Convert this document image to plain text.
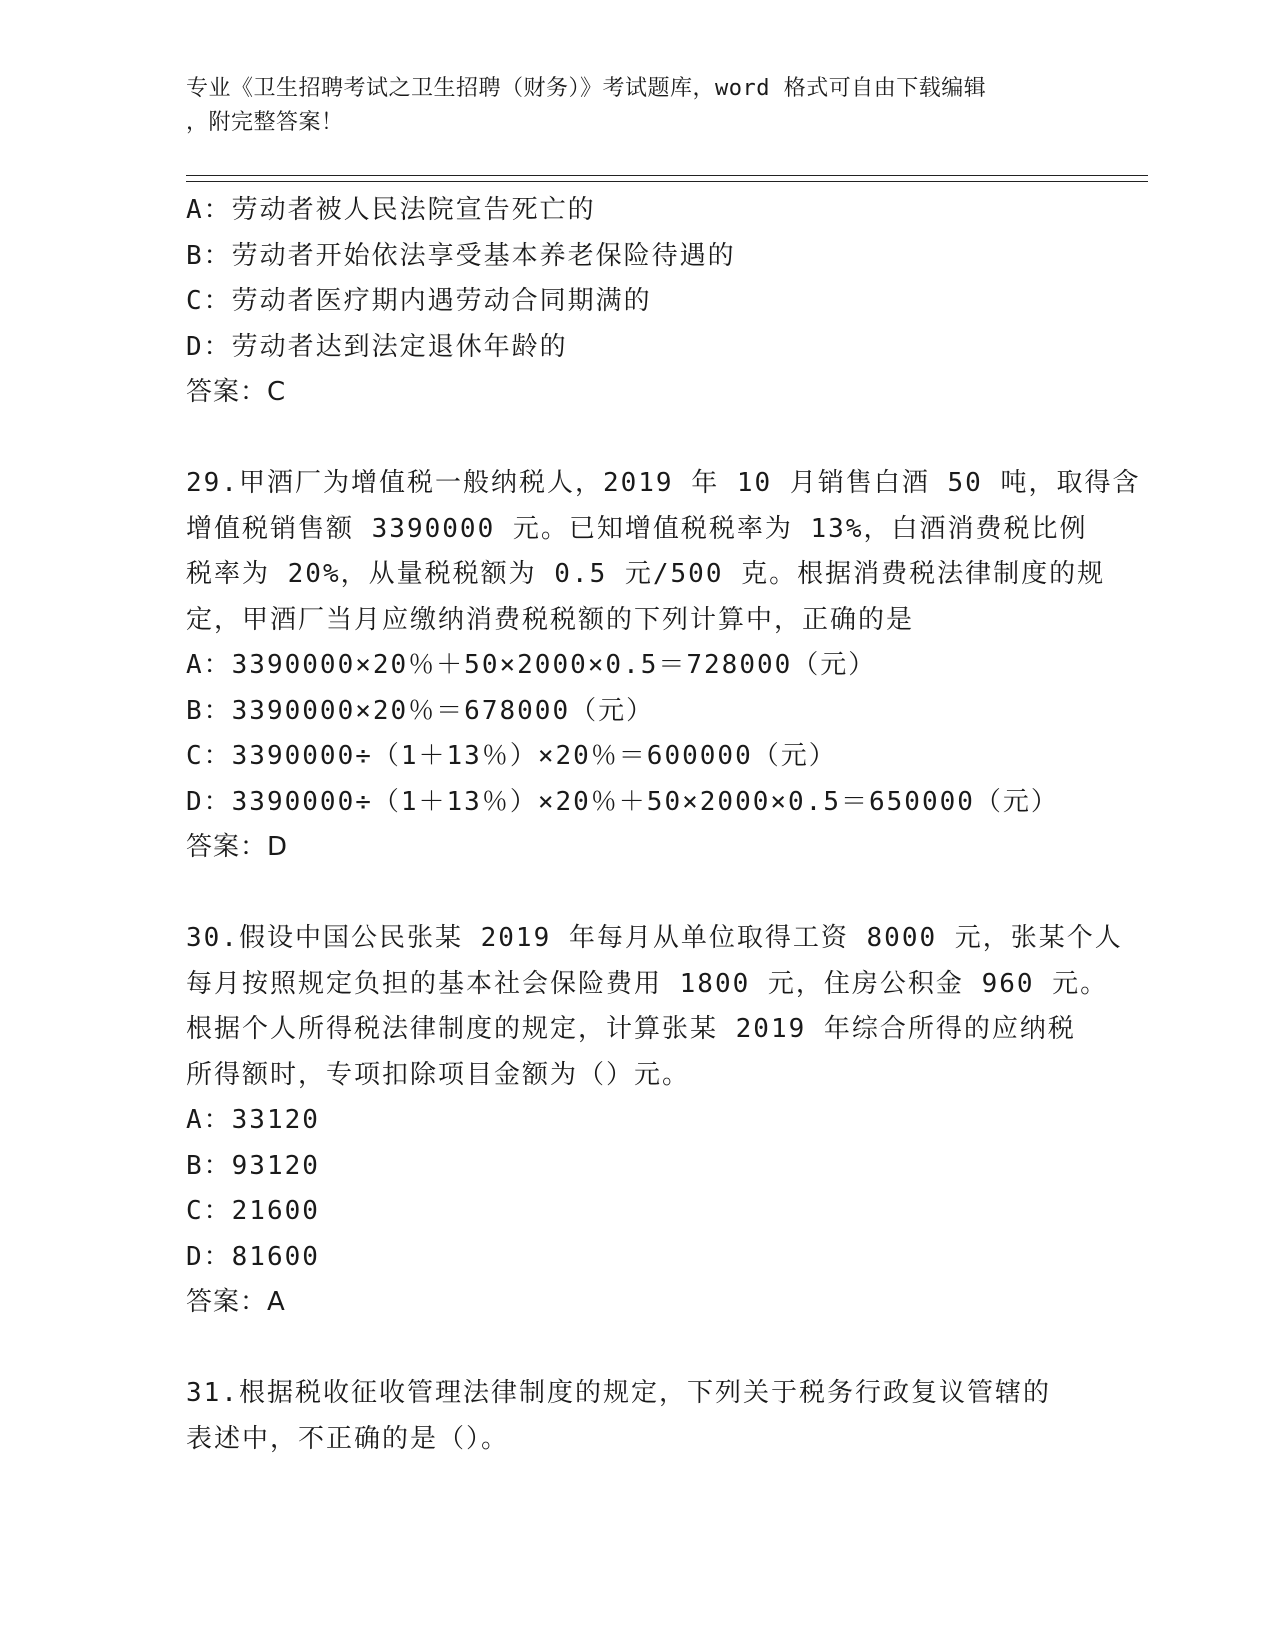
专业《卫生招聘考试之卫生招聘（财务）》考试题库，word 格式可自由下载编辑
，附完整答案！
A：劳动者被人民法院宣告死亡的
B：劳动者开始依法享受基本养老保险待遇的
C：劳动者医疗期内遇劳动合同期满的
D：劳动者达到法定退休年龄的
答案：C
29.甲酒厂为增值税一般纳税人，2019 年 10 月销售白酒 50 吨，取得含
增值税销售额 3390000 元。已知增值税税率为 13%，白酒消费税比例
税率为 20%，从量税税额为 0.5 元/500 克。根据消费税法律制度的规
定，甲酒厂当月应缴纳消费税税额的下列计算中，正确的是
A：3390000×20％＋50×2000×0.5＝728000（元）
B：3390000×20％＝678000（元）
C：3390000÷（1＋13％）×20％＝600000（元）
D：3390000÷（1＋13％）×20％＋50×2000×0.5＝650000（元）
答案：D
30.假设中国公民张某 2019 年每月从单位取得工资 8000 元，张某个人
每月按照规定负担的基本社会保险费用 1800 元，住房公积金 960 元。
根据个人所得税法律制度的规定，计算张某 2019 年综合所得的应纳税
所得额时，专项扣除项目金额为（）元。
A：33120
B：93120
C：21600
D：81600
答案：A
31.根据税收征收管理法律制度的规定，下列关于税务行政复议管辖的
表述中，不正确的是（）。
